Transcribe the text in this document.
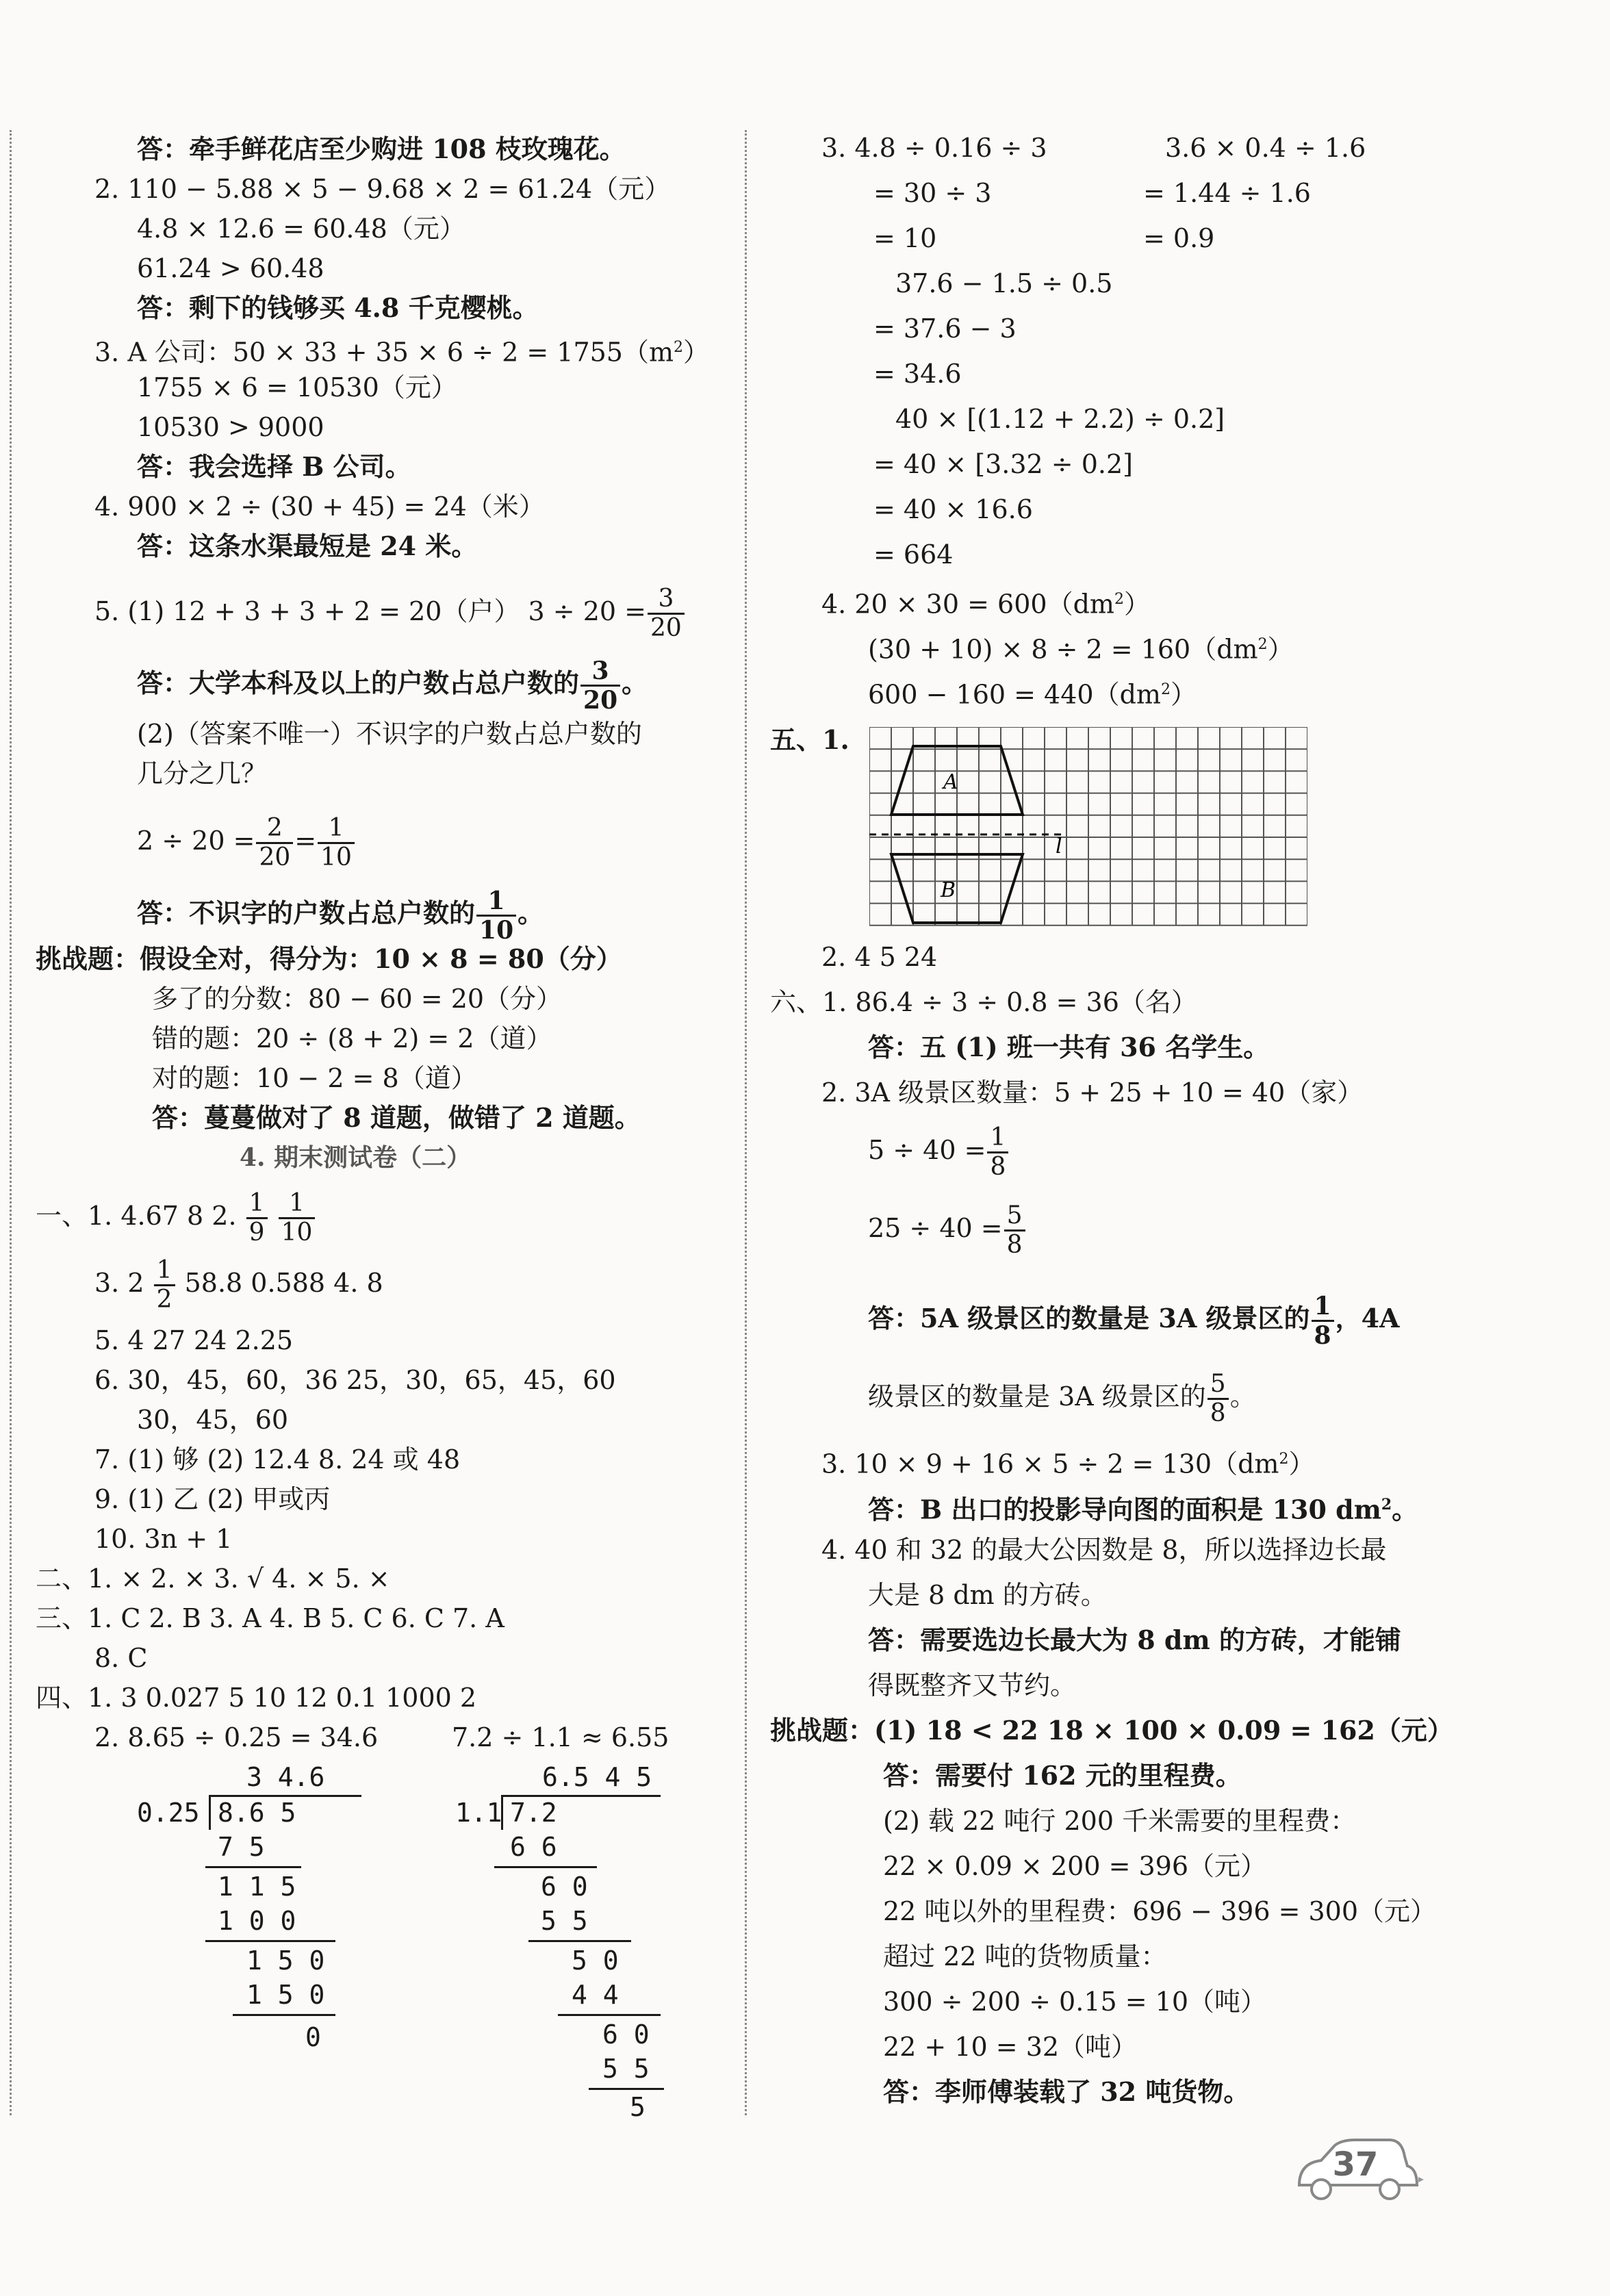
答：牵手鲜花店至少购进 108 枝玫瑰花。
2. 110 − 5.88 × 5 − 9.68 × 2 = 61.24（元）
4.8 × 12.6 = 60.48（元）
61.24 > 60.48
答：剩下的钱够买 4.8 千克樱桃。
3. A 公司：$50 \times 33 + 35 \times 6 \div 2 = 1755(m^2)$
1755 × 6 = 10530（元）
10530 > 9000
答：我会选择 B 公司。
4. 900 × 2 ÷ (30 + 45) = 24（米）
答：这条水渠最短是 24 米。
5. (1) 12 + 3 + 3 + 2 = 20（户） $3 \div 20 = \frac{3}{20}$
答：大学本科及以上的户数占总户数的 $\frac{3}{20}$ 。
(2)（答案不唯一）不识字的户数占总户数的
几分之几？
$2 \div 20 = \frac{2}{20} = \frac{1}{10}$
答：不识字的户数占总户数的 $\frac{1}{10}$ 。
挑战题：假设全对，得分为：10 × 8 = 80（分）
多了的分数：80 − 60 = 20（分）
错的题：20 ÷ (8 + 2) = 2（道）
对的题：10 − 2 = 8（道）
答：蔓蔓做对了 8 道题，做错了 2 道题。
4. 期末测试卷（二）
一、1. 4.67 8 2. $\frac{1}{9}$
$\frac{1}{10}$
3. $2 \frac{1}{2} 58.8$ 0.588 4. 8
5. 4 27 24 2.25
6. 30，45，60，36 25，30，65，45，60
30，45，60
7. (1) 够 (2) 12.4 8. 24 或 48
9. (1) 乙 (2) 甲或丙
10. 3n + 1
二、1. × 2. × 3. √ 4. × 5. ×
三、1. C 2. B 3. A 4. B 5. C 6. C 7. A
8. C
四、1. 3 0.027 5 10 12 0.1 1000 2
2. 8.65 ÷ 0.25 = 34.6	7.2 ÷ 1.1 ≈ 6.55
3 4.6
0.25 8.6 5
7 5
1 1 5
1 0 0
1 5 0
1 5 0
0
6.5 4 5
1.1 7.2
6 6
6 0
5 5
5 0
4 4
6 0
5 5
5
3. 4.8 ÷ 0.16 ÷ 3	3.6 × 0.4 ÷ 1.6
= 30 ÷ 3	= 1.44 ÷ 1.6
= 10	= 0.9
37.6 − 1.5 ÷ 0.5
= 37.6 − 3
= 34.6
40 × [(1.12 + 2.2) ÷ 0.2]
= 40 × [3.32 ÷ 0.2]
= 40 × 16.6
= 664
4. $20 \times 30 = 600(dm^2)$
$(30 + 10) \times 8 \div 2 = 160(dm^2)$
$600 - 160 = 440(dm^2)$
五、1.
A
B
l
2. 4 5 24
六、1. 86.4 ÷ 3 ÷ 0.8 = 36（名）
答：五 (1) 班一共有 36 名学生。
2. 3A 级景区数量：5 + 25 + 10 = 40（家）
$5 \div 40 = \frac{1}{8}$
$25 \div 40 = \frac{5}{8}$
答：5A 级景区的数量是 3A 级景区的 $\frac{1}{8}$ ，4A
级景区的数量是 3A 级景区的 $\frac{5}{8}$ 。
3. $10 \times 9 + 16 \times 5 \div 2 = 130(dm^2)$
答：B 出口的投影导向图的面积是 130 $dm^2$。
4. 40 和 32 的最大公因数是 8，所以选择边长最
大是 8 dm 的方砖。
答：需要选边长最大为 8 dm 的方砖，才能铺
得既整齐又节约。
挑战题：(1) 18 < 22 18 × 100 × 0.09 = 162（元）
答：需要付 162 元的里程费。
(2) 载 22 吨行 200 千米需要的里程费：
22 × 0.09 × 200 = 396（元）
22 吨以外的里程费：696 − 396 = 300（元）
超过 22 吨的货物质量：
300 ÷ 200 ÷ 0.15 = 10（吨）
22 + 10 = 32（吨）
答：李师傅装载了 32 吨货物。
37
